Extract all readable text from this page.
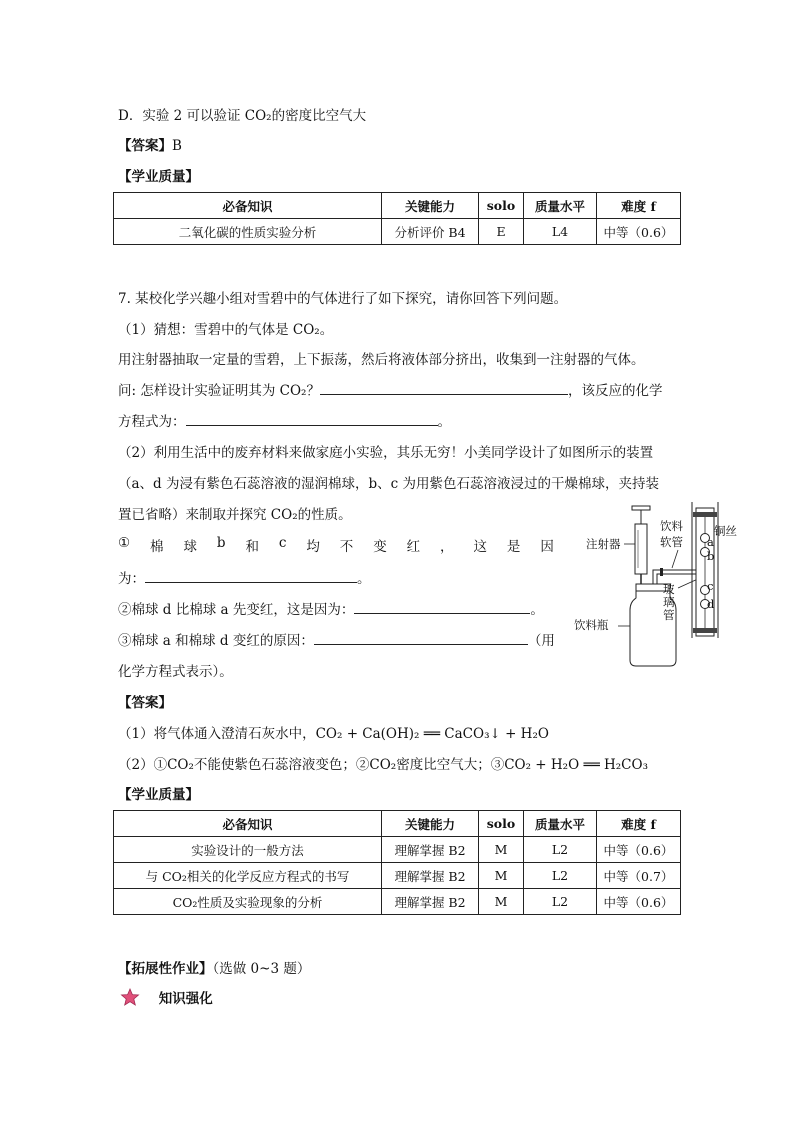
D．实验 2 可以验证 CO₂的密度比空气大
【答案】B
【学业质量】
必备知识	关键能力	solo	质量水平	难度 f
二氧化碳的性质实验分析	分析评价 B4	E	L4	中等（0.6）
7. 某校化学兴趣小组对雪碧中的气体进行了如下探究，请你回答下列问题。
（1）猜想：雪碧中的气体是 CO₂。
用注射器抽取一定量的雪碧，上下振荡，然后将液体部分挤出，收集到一注射器的气体。
问: 怎样设计实验证明其为 CO₂？	，该反应的化学
方程式为：	。
（2）利用生活中的废弃材料来做家庭小实验，其乐无穷！小美同学设计了如图所示的装置
（a、d 为浸有紫色石蕊溶液的湿润棉球，b、c 为用紫色石蕊溶液浸过的干燥棉球，夹持装
置已省略）来制取并探究 CO₂的性质。
① 棉 球 b 和 c 均 不 变 红 ， 这 是 因
为：	。
②棉球 d 比棉球 a 先变红，这是因为：	。
③棉球 a 和棉球 d 变红的原因：	（用
化学方程式表示）。
注射器
饮料瓶
饮料
软管
玻
璃
管
铜丝
a
b
c
d
【答案】
（1）将气体通入澄清石灰水中，CO₂ + Ca(OH)₂ ══ CaCO₃↓ + H₂O
（2）①CO₂不能使紫色石蕊溶液变色；②CO₂密度比空气大；③CO₂ + H₂O ══ H₂CO₃
【学业质量】
必备知识	关键能力	solo	质量水平	难度 f
实验设计的一般方法	理解掌握 B2	M	L2	中等（0.6）
与 CO₂相关的化学反应方程式的书写	理解掌握 B2	M	L2	中等（0.7）
CO₂性质及实验现象的分析	理解掌握 B2	M	L2	中等（0.6）
【拓展性作业】（选做 0~3 题）
知识强化
